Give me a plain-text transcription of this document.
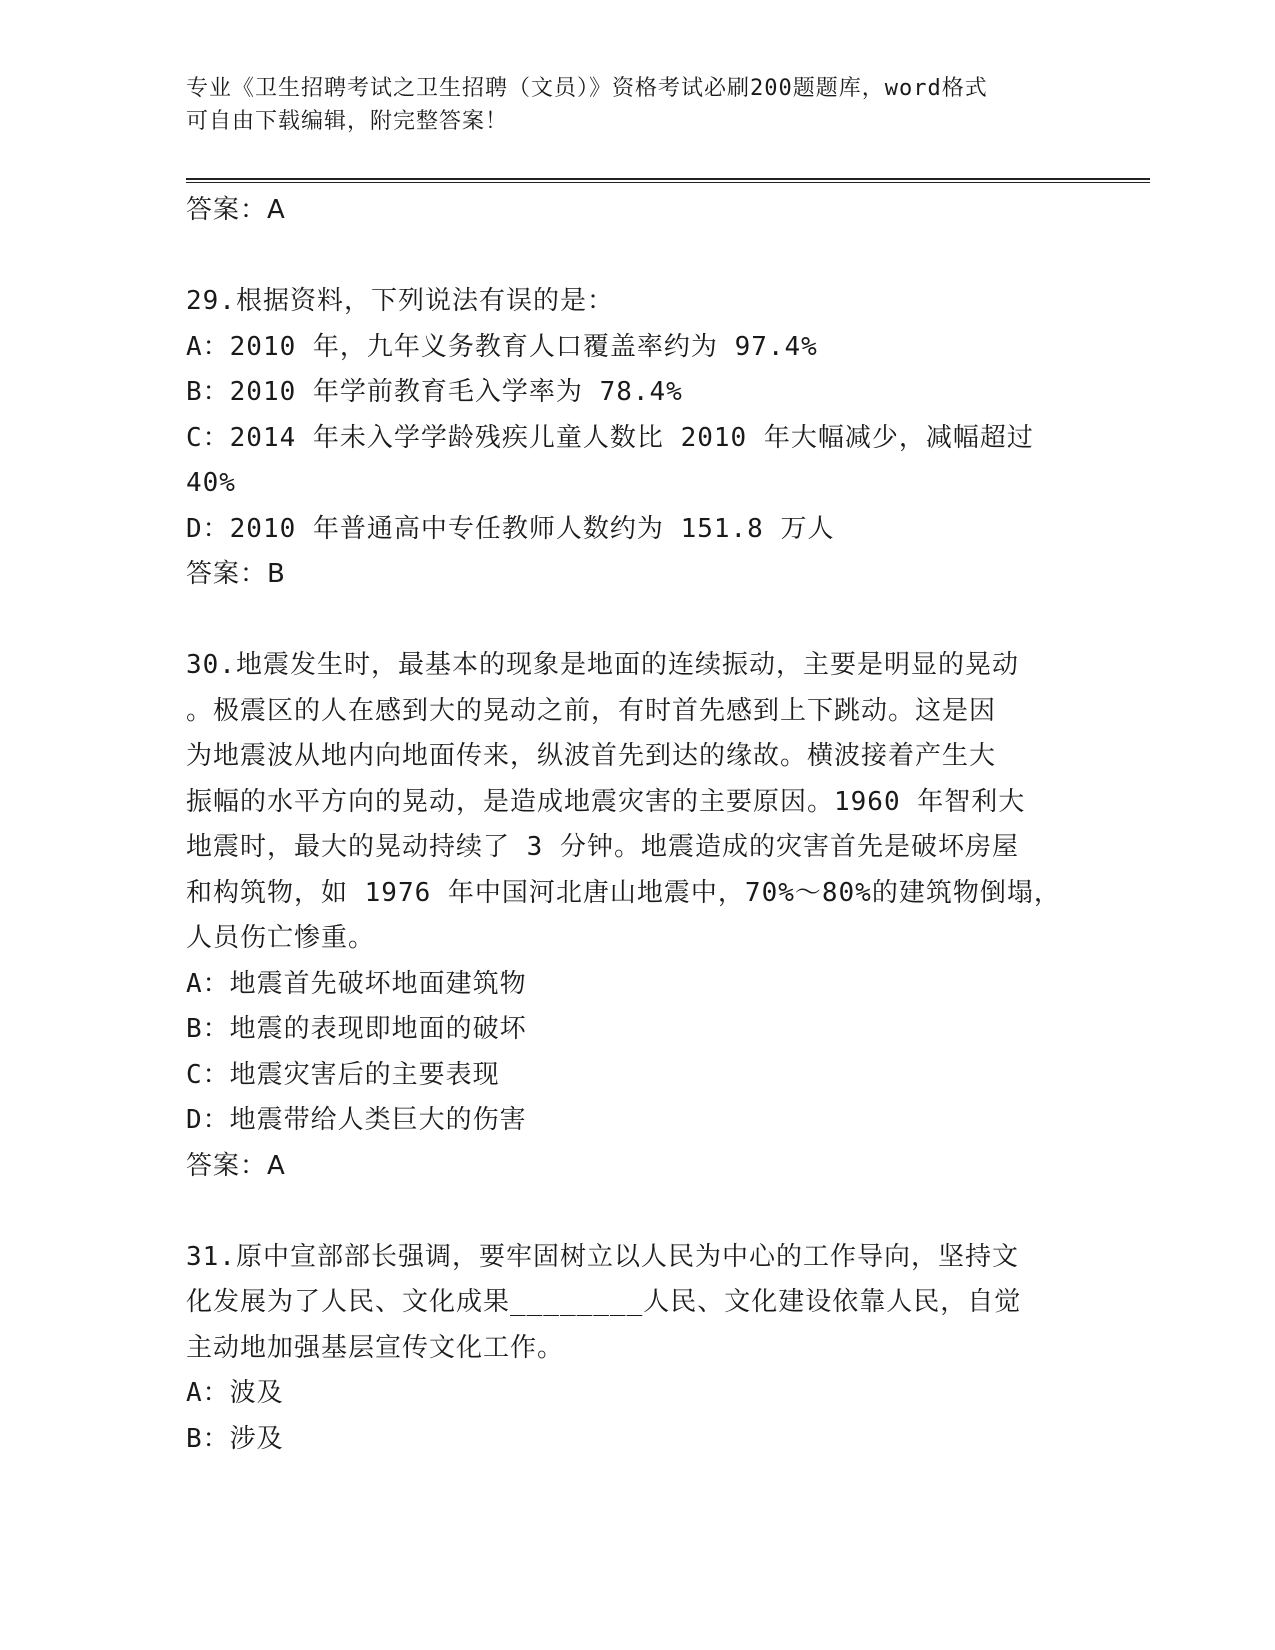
专业《卫生招聘考试之卫生招聘（文员）》资格考试必刷200题题库，word格式
可自由下载编辑，附完整答案！

答案：A

29.根据资料，下列说法有误的是：

A：2010 年，九年义务教育人口覆盖率约为 97.4%

B：2010 年学前教育毛入学率为 78.4%

C：2014 年未入学学龄残疾儿童人数比 2010 年大幅减少，减幅超过

40%

D：2010 年普通高中专任教师人数约为 151.8 万人

答案：B

30.地震发生时，最基本的现象是地面的连续振动，主要是明显的晃动

。极震区的人在感到大的晃动之前，有时首先感到上下跳动。这是因

为地震波从地内向地面传来，纵波首先到达的缘故。横波接着产生大

振幅的水平方向的晃动，是造成地震灾害的主要原因。1960 年智利大

地震时，最大的晃动持续了 3 分钟。地震造成的灾害首先是破坏房屋

和构筑物，如 1976 年中国河北唐山地震中，70%～80%的建筑物倒塌，

人员伤亡惨重。

A：地震首先破坏地面建筑物

B：地震的表现即地面的破坏

C：地震灾害后的主要表现

D：地震带给人类巨大的伤害

答案：A

31.原中宣部部长强调，要牢固树立以人民为中心的工作导向，坚持文

化发展为了人民、文化成果________人民、文化建设依靠人民，自觉

主动地加强基层宣传文化工作。

A：波及

B：涉及
